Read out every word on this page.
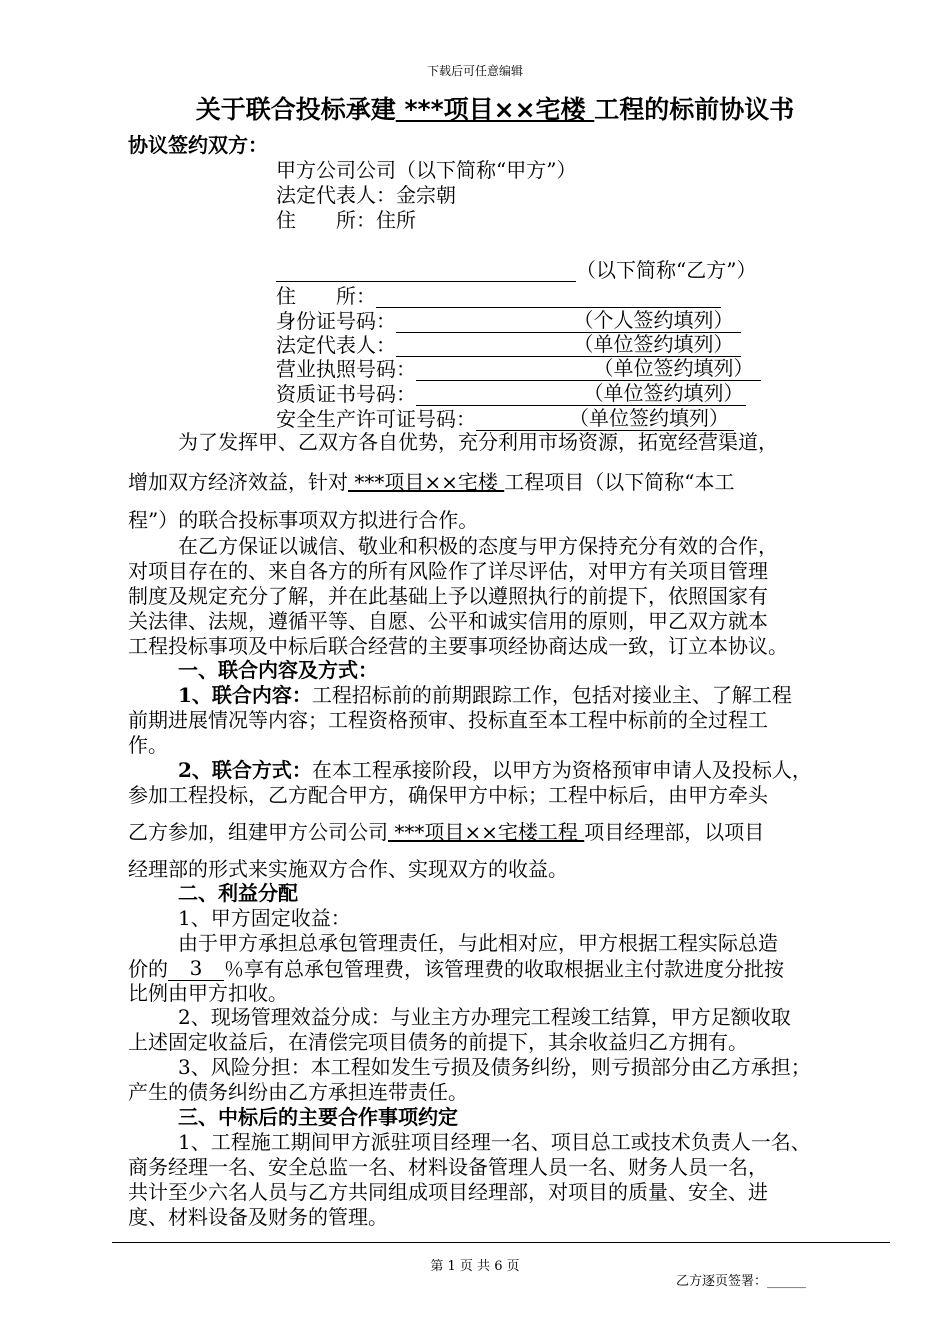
下载后可任意编辑
关于联合投标承建 ***项目××宅楼 工程的标前协议书
协议签约双方：
甲方公司公司（以下简称“甲方”）
法定代表人：金宗朝
住　　所：住所
（以下简称“乙方”）
住　　所：
身份证号码：	（个人签约填列）
法定代表人：	（单位签约填列）
营业执照号码：	（单位签约填列）
资质证书号码：	（单位签约填列）
安全生产许可证号码：	（单位签约填列）
为了发挥甲、乙双方各自优势，充分利用市场资源，拓宽经营渠道，
增加双方经济效益，针对 ***项目××宅楼 工程项目（以下简称“本工
程”）的联合投标事项双方拟进行合作。
在乙方保证以诚信、敬业和积极的态度与甲方保持充分有效的合作，
对项目存在的、来自各方的所有风险作了详尽评估，对甲方有关项目管理
制度及规定充分了解，并在此基础上予以遵照执行的前提下，依照国家有
关法律、法规，遵循平等、自愿、公平和诚实信用的原则，甲乙双方就本
工程投标事项及中标后联合经营的主要事项经协商达成一致，订立本协议。
一、联合内容及方式：
1、联合内容：工程招标前的前期跟踪工作，包括对接业主、了解工程
前期进展情况等内容；工程资格预审、投标直至本工程中标前的全过程工
作。
2、联合方式：在本工程承接阶段，以甲方为资格预审申请人及投标人，
参加工程投标，乙方配合甲方，确保甲方中标；工程中标后，由甲方牵头
乙方参加，组建甲方公司公司 ***项目××宅楼工程 项目经理部，以项目
经理部的形式来实施双方合作、实现双方的收益。
二、利益分配
1、甲方固定收益：
由于甲方承担总承包管理责任，与此相对应，甲方根据工程实际总造
价的 3 ％享有总承包管理费，该管理费的收取根据业主付款进度分批按
比例由甲方扣收。
2、现场管理效益分成：与业主方办理完工程竣工结算，甲方足额收取
上述固定收益后，在清偿完项目债务的前提下，其余收益归乙方拥有。
3、风险分担：本工程如发生亏损及债务纠纷，则亏损部分由乙方承担；
产生的债务纠纷由乙方承担连带责任。
三、中标后的主要合作事项约定
1、工程施工期间甲方派驻项目经理一名、项目总工或技术负责人一名、
商务经理一名、安全总监一名、材料设备管理人员一名、财务人员一名，
共计至少六名人员与乙方共同组成项目经理部，对项目的质量、安全、进
度、材料设备及财务的管理。
第 1 页 共 6 页
乙方逐页签署：______
